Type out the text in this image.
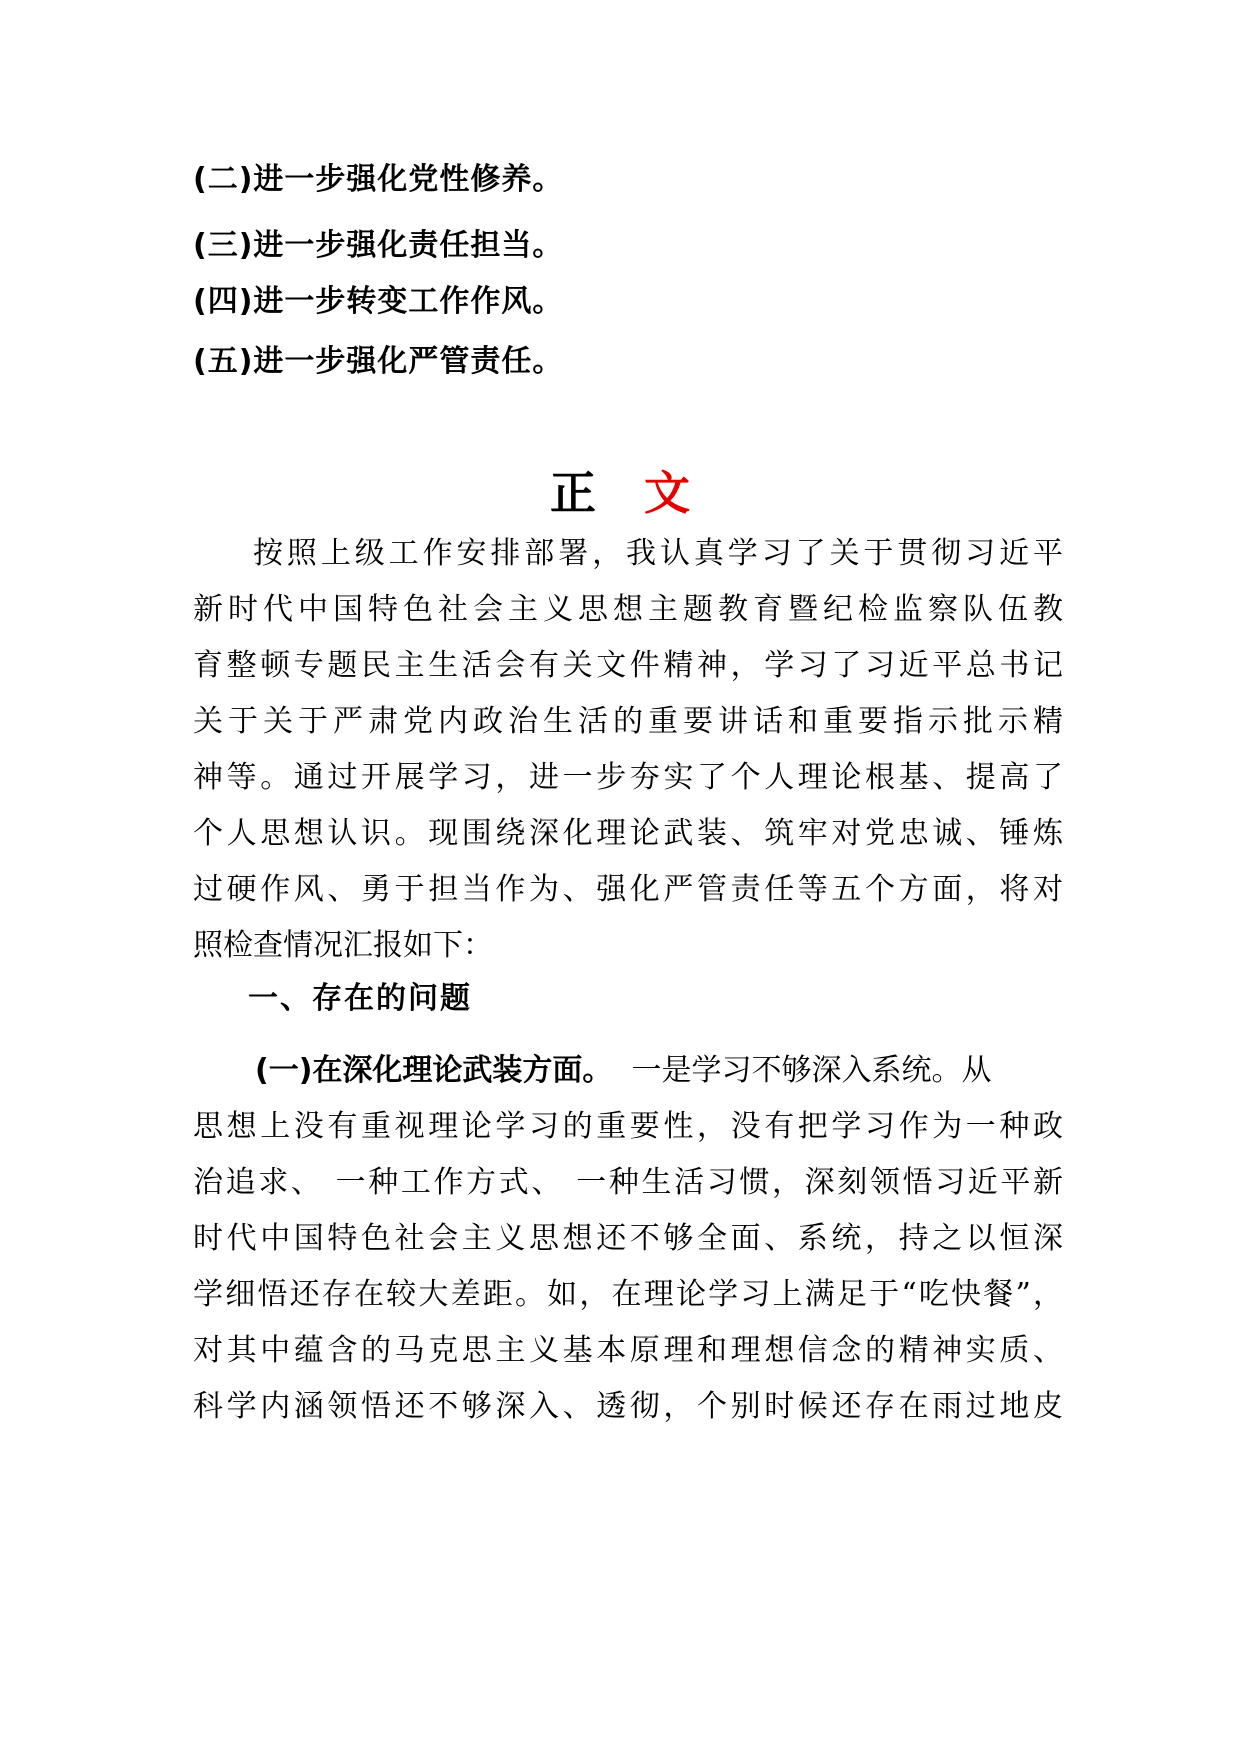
(二)进一步强化党性修养。
(三)进一步强化责任担当。
(四)进一步转变工作作风。
(五)进一步强化严管责任。
正 文
按照上级工作安排部署，我认真学习了关于贯彻习近平
新时代中国特色社会主义思想主题教育暨纪检监察队伍教
育整顿专题民主生活会有关文件精神，学习了习近平总书记
关于关于严肃党内政治生活的重要讲话和重要指示批示精
神等。通过开展学习，进一步夯实了个人理论根基、提高了
个人思想认识。现围绕深化理论武装、筑牢对党忠诚、锤炼
过硬作风、勇于担当作为、强化严管责任等五个方面，将对
照检查情况汇报如下：
一、存在的问题
(一)在深化理论武装方面。 一是学习不够深入系统。从
思想上没有重视理论学习的重要性，没有把学习作为一种政
治追求、 一种工作方式、 一种生活习惯，深刻领悟习近平新
时代中国特色社会主义思想还不够全面、系统，持之以恒深
学细悟还存在较大差距。如，在理论学习上满足于“吃快餐”，
对其中蕴含的马克思主义基本原理和理想信念的精神实质、
科学内涵领悟还不够深入、透彻，个别时候还存在雨过地皮
